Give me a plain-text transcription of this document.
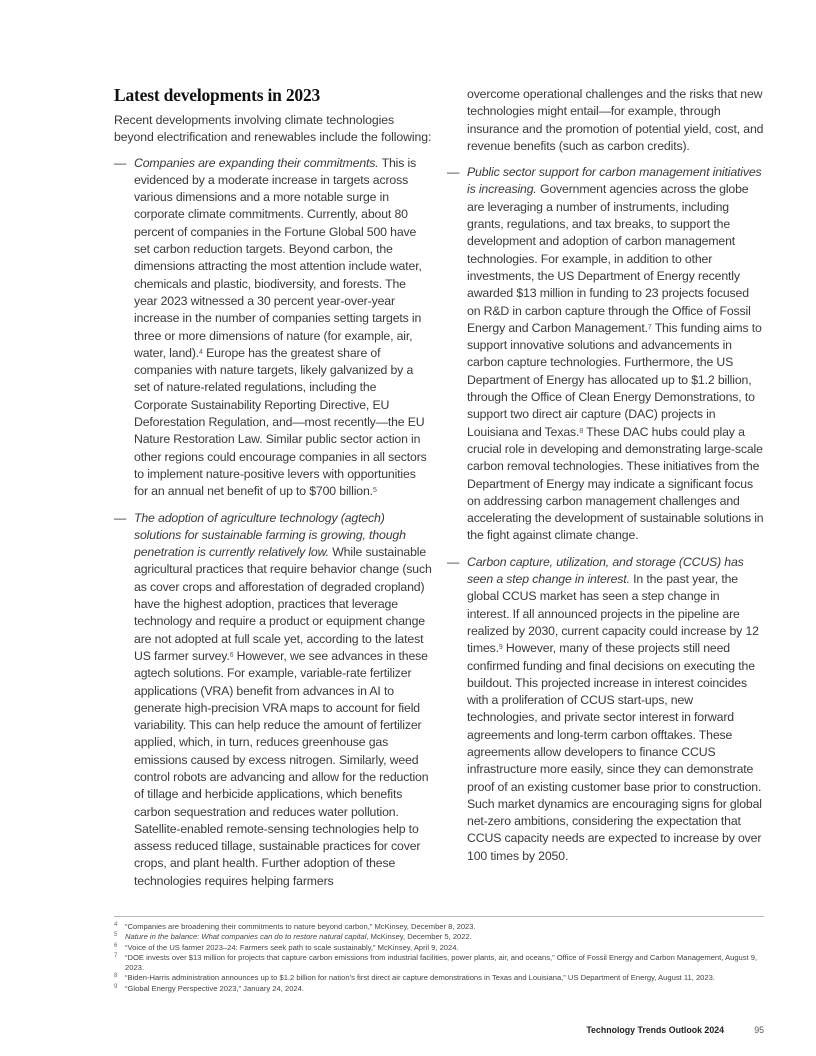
Latest developments in 2023

Recent developments involving climate technologies beyond electrification and renewables include the following:

— Companies are expanding their commitments. This is evidenced by a moderate increase in targets across various dimensions and a more notable surge in corporate climate commitments. Currently, about 80 percent of companies in the Fortune Global 500 have set carbon reduction targets. Beyond carbon, the dimensions attracting the most attention include water, chemicals and plastic, biodiversity, and forests. The year 2023 witnessed a 30 percent year-over-year increase in the number of companies setting targets in three or more dimensions of nature (for example, air, water, land).$^4$ Europe has the greatest share of companies with nature targets, likely galvanized by a set of nature-related regulations, including the Corporate Sustainability Reporting Directive, EU Deforestation Regulation, and—most recently—the EU Nature Restoration Law. Similar public sector action in other regions could encourage companies in all sectors to implement nature-positive levers with opportunities for an annual net benefit of up to $700 billion.$^5$
— The adoption of agriculture technology (agtech) solutions for sustainable farming is growing, though penetration is currently relatively low. While sustainable agricultural practices that require behavior change (such as cover crops and afforestation of degraded cropland) have the highest adoption, practices that leverage technology and require a product or equipment change are not adopted at full scale yet, according to the latest US farmer survey.$^6$ However, we see advances in these agtech solutions. For example, variable-rate fertilizer applications (VRA) benefit from advances in AI to generate high-precision VRA maps to account for field variability. This can help reduce the amount of fertilizer applied, which, in turn, reduces greenhouse gas emissions caused by excess nitrogen. Similarly, weed control robots are advancing and allow for the reduction of tillage and herbicide applications, which benefits carbon sequestration and reduces water pollution. Satellite-enabled remote-sensing technologies help to assess reduced tillage, sustainable practices for cover crops, and plant health. Further adoption of these technologies requires helping farmers
overcome operational challenges and the risks that new technologies might entail—for example, through insurance and the promotion of potential yield, cost, and revenue benefits (such as carbon credits).
— Public sector support for carbon management initiatives is increasing. Government agencies across the globe are leveraging a number of instruments, including grants, regulations, and tax breaks, to support the development and adoption of carbon management technologies. For example, in addition to other investments, the US Department of Energy recently awarded $13 million in funding to 23 projects focused on R&D in carbon capture through the Office of Fossil Energy and Carbon Management.$^7$ This funding aims to support innovative solutions and advancements in carbon capture technologies. Furthermore, the US Department of Energy has allocated up to $1.2 billion, through the Office of Clean Energy Demonstrations, to support two direct air capture (DAC) projects in Louisiana and Texas.$^8$ These DAC hubs could play a crucial role in developing and demonstrating large-scale carbon removal technologies. These initiatives from the Department of Energy may indicate a significant focus on addressing carbon management challenges and accelerating the development of sustainable solutions in the fight against climate change.
— Carbon capture, utilization, and storage (CCUS) has seen a step change in interest. In the past year, the global CCUS market has seen a step change in interest. If all announced projects in the pipeline are realized by 2030, current capacity could increase by 12 times.$^9$ However, many of these projects still need confirmed funding and final decisions on executing the buildout. This projected increase in interest coincides with a proliferation of CCUS start-ups, new technologies, and private sector interest in forward agreements and long-term carbon offtakes. These agreements allow developers to finance CCUS infrastructure more easily, since they can demonstrate proof of an existing customer base prior to construction. Such market dynamics are encouraging signs for global net-zero ambitions, considering the expectation that CCUS capacity needs are expected to increase by over 100 times by 2050.
4 “Companies are broadening their commitments to nature beyond carbon,” McKinsey, December 8, 2023.
5 Nature in the balance: What companies can do to restore natural capital, McKinsey, December 5, 2022.
6 “Voice of the US farmer 2023–24: Farmers seek path to scale sustainably,” McKinsey, April 9, 2024.
7 “DOE invests over $13 million for projects that capture carbon emissions from industrial facilities, power plants, air, and oceans,” Office of Fossil Energy and Carbon Management, August 9, 2023.
8 “Biden-Harris administration announces up to $1.2 billion for nation’s first direct air capture demonstrations in Texas and Louisiana,” US Department of Energy, August 11, 2023.
9 “Global Energy Perspective 2023,” January 24, 2024.
Technology Trends Outlook 2024	95
